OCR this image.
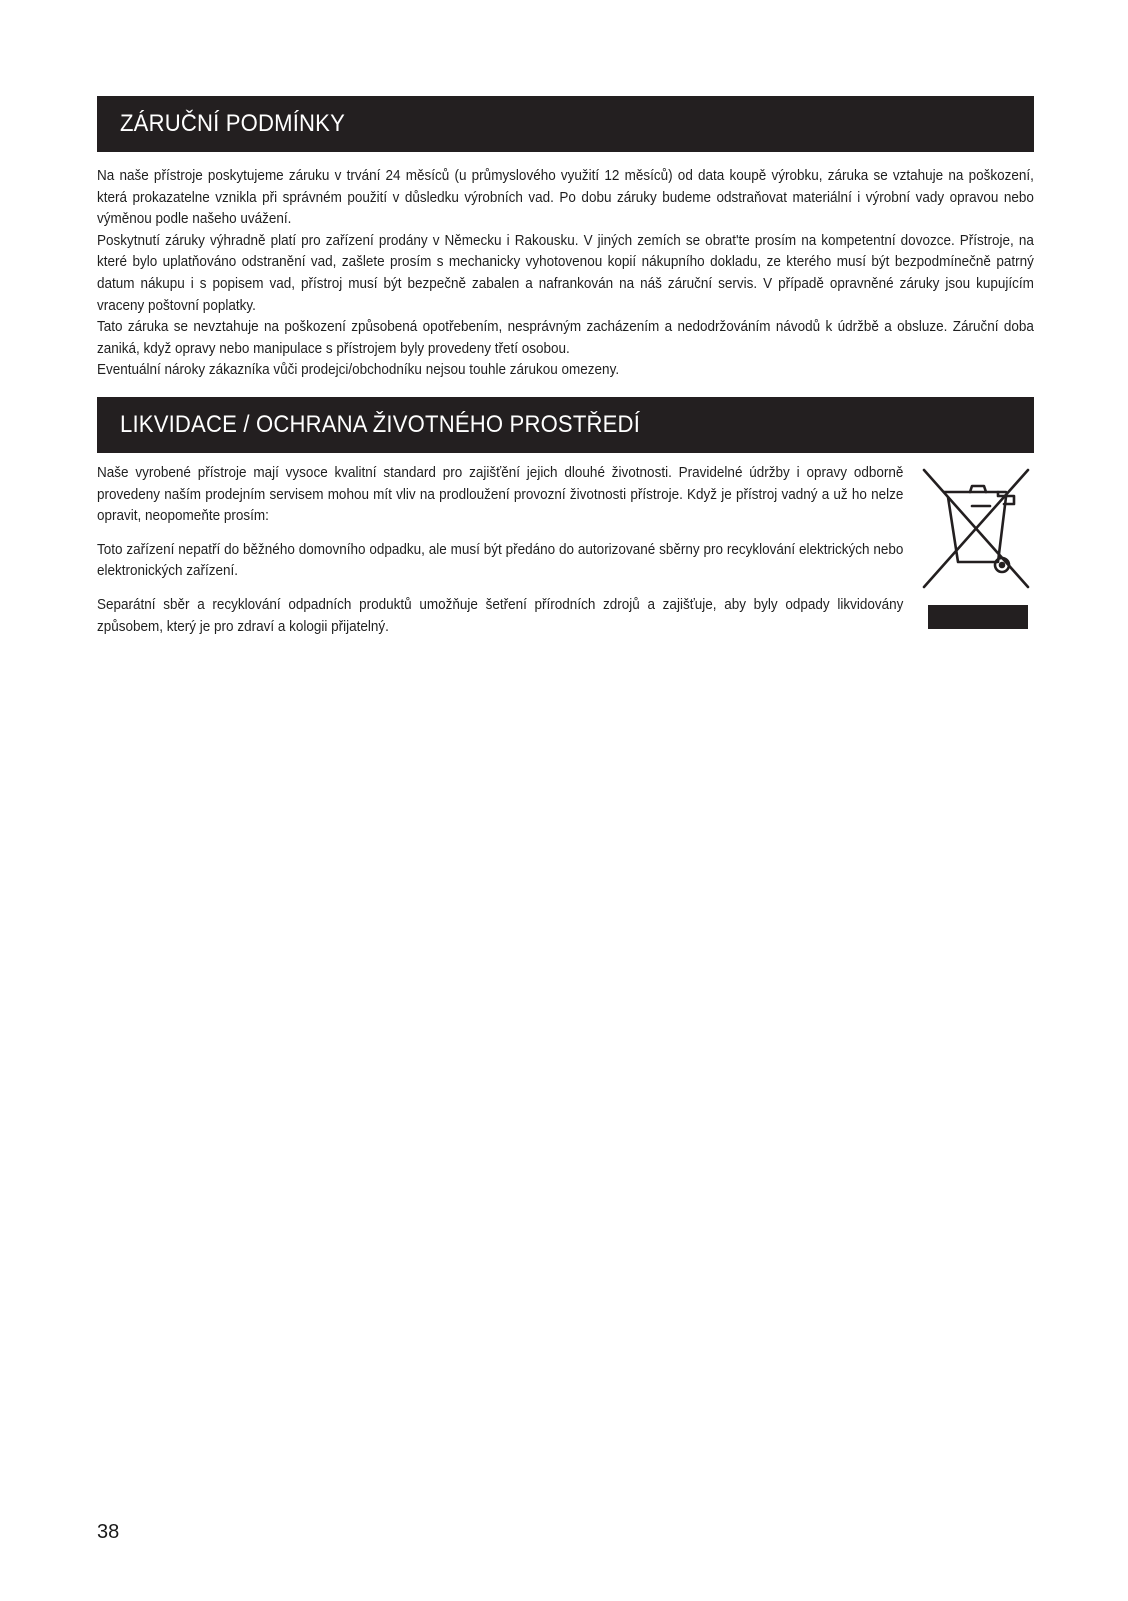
ZÁRUČNÍ PODMÍNKY

Na naše přístroje poskytujeme záruku v trvání 24 měsíců (u průmyslového využití 12 měsíců) od data koupě výrobku, záruka se vztahuje na poškození, která prokazatelne vznikla při správném použití v důsledku výrobních vad. Po dobu záruky budeme odstraňovat materiální i výrobní vady opravou nebo výměnou podle našeho uvážení.

Poskytnutí záruky výhradně platí pro zařízení prodány v Německu i Rakousku. V jiných zemích se obrat'te prosím na kompetentní dovozce. Přístroje, na které bylo uplatňováno odstranění vad, zašlete prosím s mechanicky vyhotovenou kopií nákupního dokladu, ze kterého musí být bezpodmínečně patrný datum nákupu i s popisem vad, přístroj musí být bezpečně zabalen a nafrankován na náš záruční servis. V případě opravněné záruky jsou kupujícím vraceny poštovní poplatky.

Tato záruka se nevztahuje na poškození způsobená opotřebením, nesprávným zacházením a nedodržováním návodů k údržbě a obsluze. Záruční doba zaniká, když opravy nebo manipulace s přístrojem byly provedeny třetí osobou.

Eventuální nároky zákazníka vůči prodejci/obchodníku nejsou touhle zárukou omezeny.

LIKVIDACE / OCHRANA ŽIVOTNÉHO PROSTŘEDÍ

Naše vyrobené přístroje mají vysoce kvalitní standard pro zajišťění jejich dlouhé životnosti. Pravidelné údržby i opravy odborně provedeny naším prodejním servisem mohou mít vliv na prodloužení provozní životnosti přístroje. Když je přístroj vadný a už ho nelze opravit, neopomeňte prosím:

Toto zařízení nepatří do běžného domovního odpadku, ale musí být předáno do autorizované sběrny pro recyklování elektrických nebo elektronických zařízení.

Separátní sběr a recyklování odpadních produktů umožňuje šetření přírodních zdrojů a zajišťuje, aby byly odpady likvidovány způsobem, který je pro zdraví a kologii přijatelný.

38
